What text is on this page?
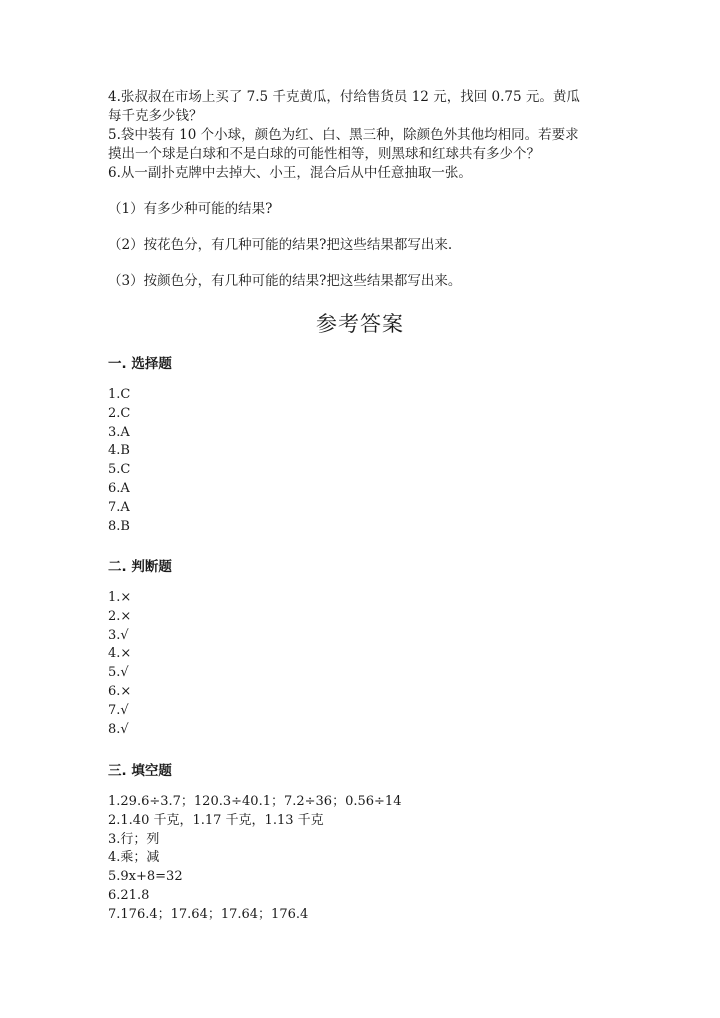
4.张叔叔在市场上买了 7.5 千克黄瓜，付给售货员 12 元，找回 0.75 元。黄瓜
每千克多少钱？
5.袋中装有 10 个小球，颜色为红、白、黑三种，除颜色外其他均相同。若要求
摸出一个球是白球和不是白球的可能性相等，则黑球和红球共有多少个？
6.从一副扑克牌中去掉大、小王，混合后从中任意抽取一张。
（1）有多少种可能的结果?
（2）按花色分，有几种可能的结果?把这些结果都写出来.
（3）按颜色分，有几种可能的结果?把这些结果都写出来。
参考答案
一. 选择题
1.C
2.C
3.A
4.B
5.C
6.A
7.A
8.B
二. 判断题
1.×
2.×
3.√
4.×
5.√
6.×
7.√
8.√
三. 填空题
1.29.6÷3.7；120.3÷40.1；7.2÷36；0.56÷14
2.1.40 千克，1.17 千克，1.13 千克
3.行；列
4.乘；减
5.9x+8=32
6.21.8
7.176.4；17.64；17.64；176.4
